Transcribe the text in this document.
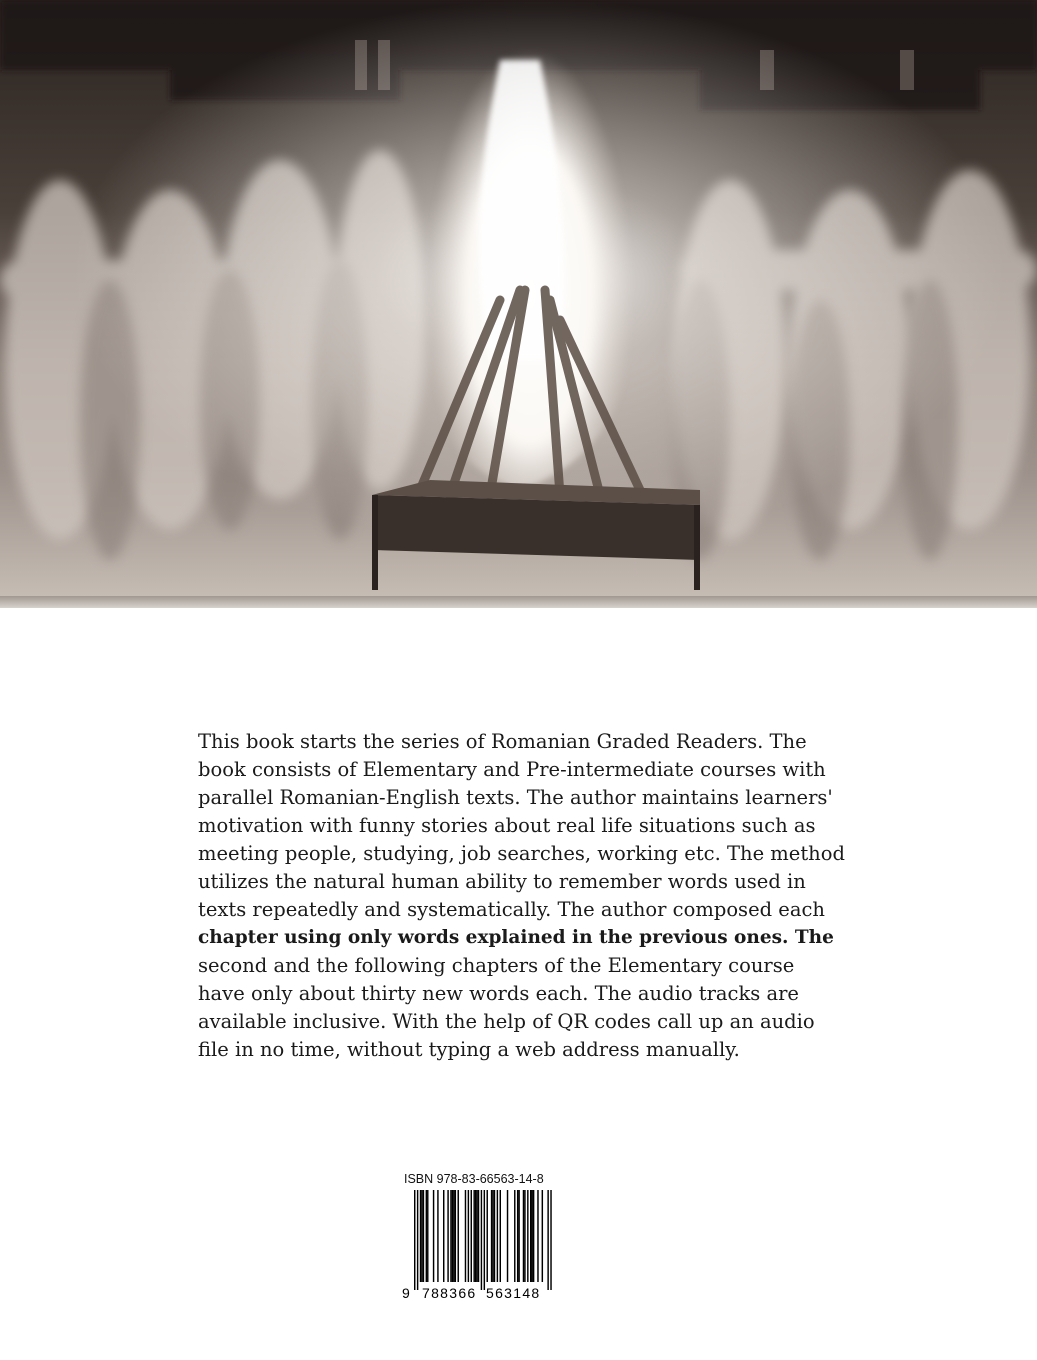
This book starts the series of Romanian Graded Readers. The
book consists of Elementary and Pre-intermediate courses with
parallel Romanian-English texts. The author maintains learners'
motivation with funny stories about real life situations such as
meeting people, studying, job searches, working etc. The method
utilizes the natural human ability to remember words used in
texts repeatedly and systematically. The author composed each
chapter using only words explained in the previous ones. The
second and the following chapters of the Elementary course
have only about thirty new words each. The audio tracks are
available inclusive. With the help of QR codes call up an audio
file in no time, without typing a web address manually.
ISBN 978-83-66563-14-8
9 788366 563148
